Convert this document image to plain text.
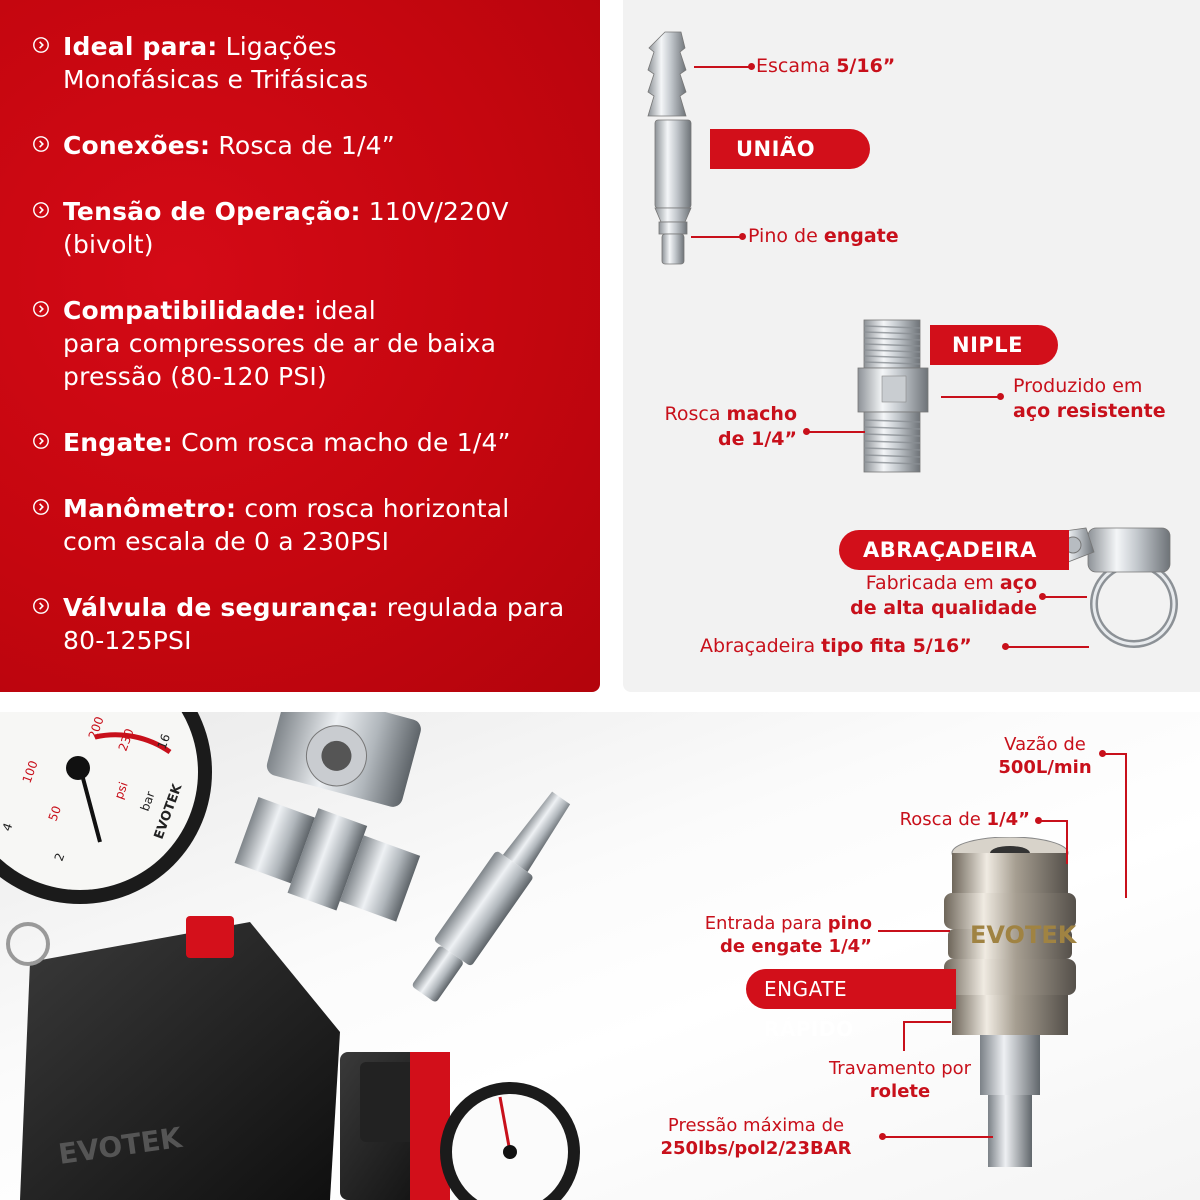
Ideal para: Ligações
Monofásicas e Trifásicas
Conexões: Rosca de 1/4”
Tensão de Operação: 110V/220V
(bivolt)
Compatibilidade: ideal
para compressores de ar de baixa
pressão (80-120 PSI)
Engate: Com rosca macho de 1/4”
Manômetro: com rosca horizontal
com escala de 0 a 230PSI
Válvula de segurança: regulada para
80-125PSI
Escama 5/16”
UNIÃO
Pino de engate
NIPLE
Produzido em
aço resistente
Rosca macho
de 1/4”
ABRAÇADEIRA
Fabricada em aço
de alta qualidade
Abraçadeira tipo fita 5/16”
200 230
100
50
16
4
2
psi bar
EVOTEK
EVOTEK
EVOTEK
Vazão de
500L/min
Rosca de 1/4”
Entrada para pino
de engate 1/4”
ENGATE RÁPIDO
Travamento por
rolete
Pressão máxima de
250lbs/pol2/23BAR
